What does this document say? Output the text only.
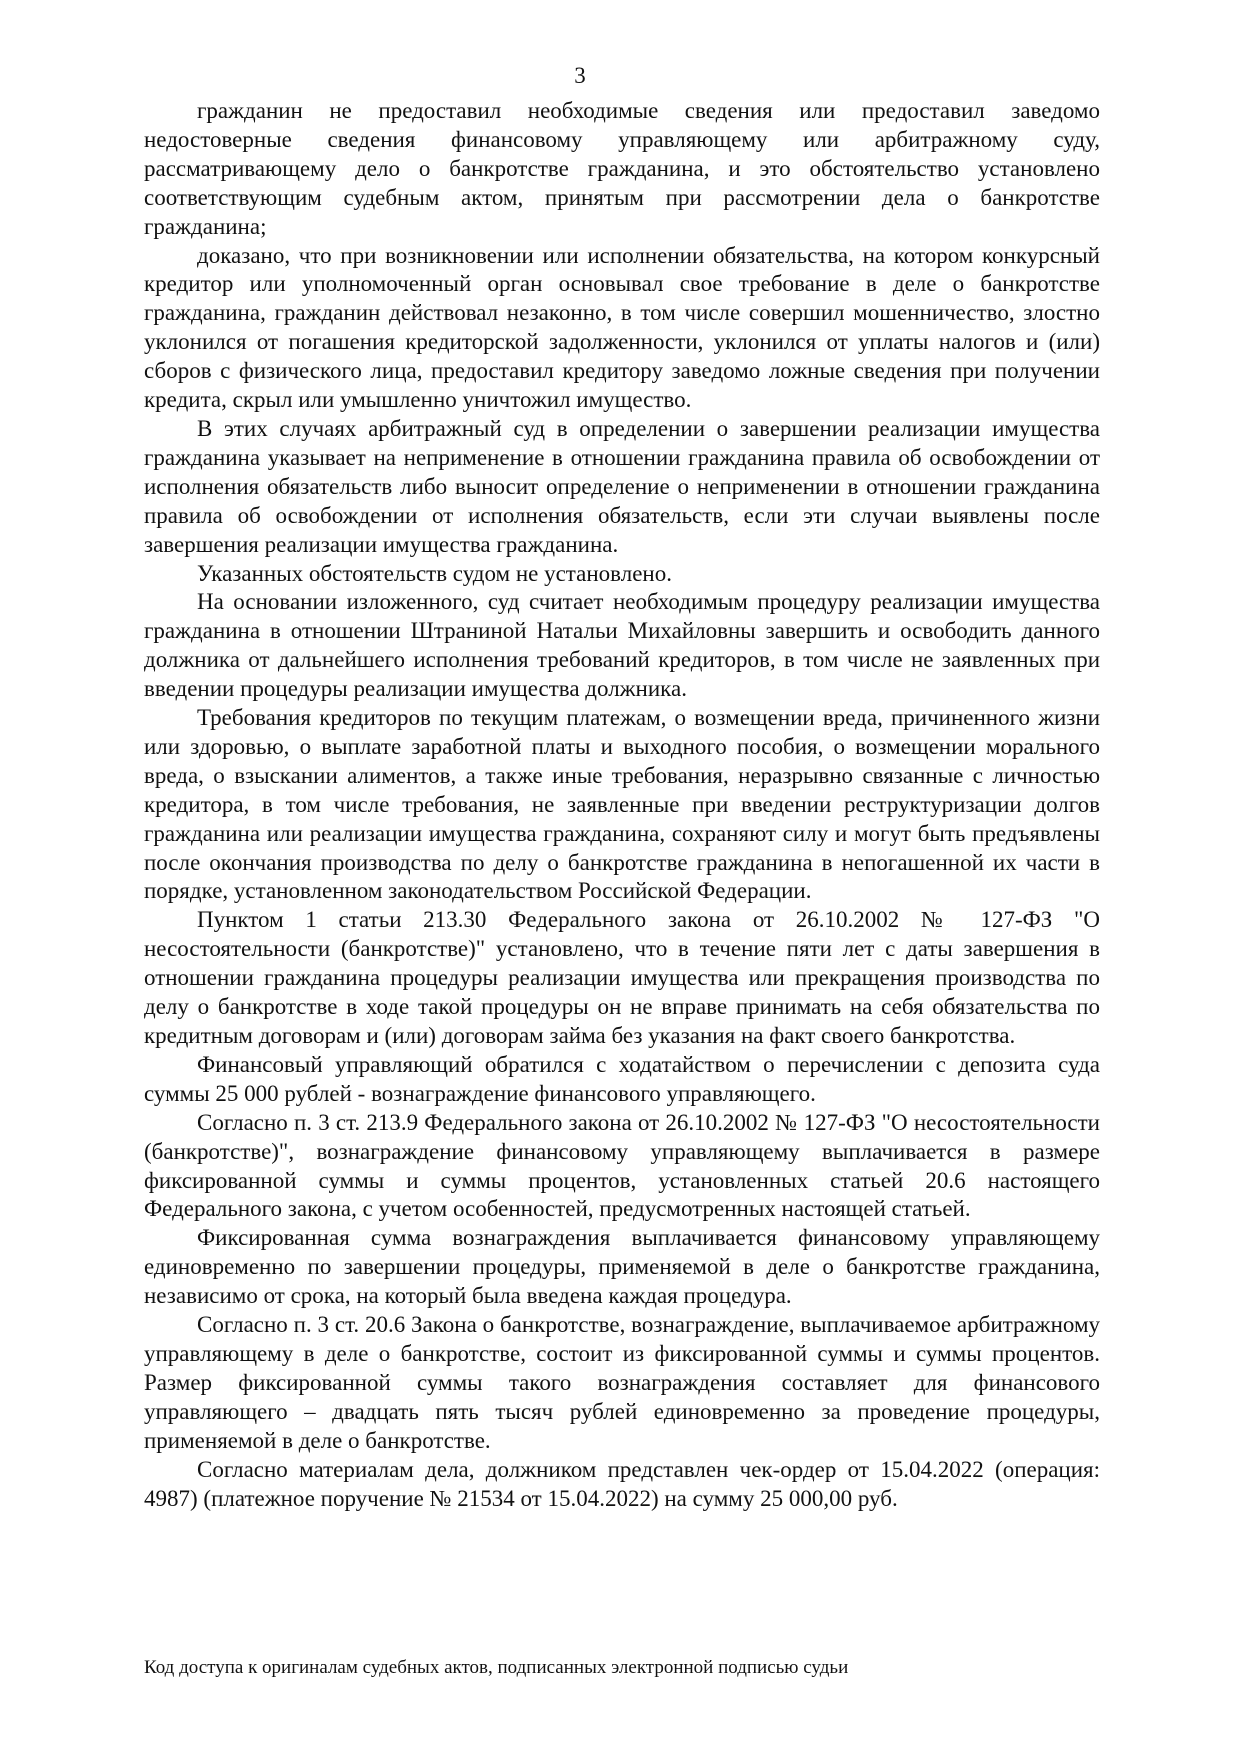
3

гражданин не предоставил необходимые сведения или предоставил заведомо недостоверные сведения финансовому управляющему или арбитражному суду, рассматривающему дело о банкротстве гражданина, и это обстоятельство установлено соответствующим судебным актом, принятым при рассмотрении дела о банкротстве гражданина;

доказано, что при возникновении или исполнении обязательства, на котором конкурсный кредитор или уполномоченный орган основывал свое требование в деле о банкротстве гражданина, гражданин действовал незаконно, в том числе совершил мошенничество, злостно уклонился от погашения кредиторской задолженности, уклонился от уплаты налогов и (или) сборов с физического лица, предоставил кредитору заведомо ложные сведения при получении кредита, скрыл или умышленно уничтожил имущество.

В этих случаях арбитражный суд в определении о завершении реализации имущества гражданина указывает на неприменение в отношении гражданина правила об освобождении от исполнения обязательств либо выносит определение о неприменении в отношении гражданина правила об освобождении от исполнения обязательств, если эти случаи выявлены после завершения реализации имущества гражданина.

Указанных обстоятельств судом не установлено.

На основании изложенного, суд считает необходимым процедуру реализации имущества гражданина в отношении Штраниной Натальи Михайловны завершить и освободить данного должника от дальнейшего исполнения требований кредиторов, в том числе не заявленных при введении процедуры реализации имущества должника.

Требования кредиторов по текущим платежам, о возмещении вреда, причиненного жизни или здоровью, о выплате заработной платы и выходного пособия, о возмещении морального вреда, о взыскании алиментов, а также иные требования, неразрывно связанные с личностью кредитора, в том числе требования, не заявленные при введении реструктуризации долгов гражданина или реализации имущества гражданина, сохраняют силу и могут быть предъявлены после окончания производства по делу о банкротстве гражданина в непогашенной их части в порядке, установленном законодательством Российской Федерации.

Пунктом 1 статьи 213.30 Федерального закона от 26.10.2002 № 127-ФЗ "О несостоятельности (банкротстве)" установлено, что в течение пяти лет с даты завершения в отношении гражданина процедуры реализации имущества или прекращения производства по делу о банкротстве в ходе такой процедуры он не вправе принимать на себя обязательства по кредитным договорам и (или) договорам займа без указания на факт своего банкротства.

Финансовый управляющий обратился с ходатайством о перечислении с депозита суда суммы 25 000 рублей - вознаграждение финансового управляющего.

Согласно п. 3 ст. 213.9 Федерального закона от 26.10.2002 № 127-ФЗ "О несостоятельности (банкротстве)", вознаграждение финансовому управляющему выплачивается в размере фиксированной суммы и суммы процентов, установленных статьей 20.6 настоящего Федерального закона, с учетом особенностей, предусмотренных настоящей статьей.

Фиксированная сумма вознаграждения выплачивается финансовому управляющему единовременно по завершении процедуры, применяемой в деле о банкротстве гражданина, независимо от срока, на который была введена каждая процедура.

Согласно п. 3 ст. 20.6 Закона о банкротстве, вознаграждение, выплачиваемое арбитражному управляющему в деле о банкротстве, состоит из фиксированной суммы и суммы процентов. Размер фиксированной суммы такого вознаграждения составляет для финансового управляющего – двадцать пять тысяч рублей единовременно за проведение процедуры, применяемой в деле о банкротстве.

Согласно материалам дела, должником представлен чек-ордер от 15.04.2022 (операция: 4987) (платежное поручение № 21534 от 15.04.2022) на сумму 25 000,00 руб.

Код доступа к оригиналам судебных актов, подписанных электронной подписью судьи
